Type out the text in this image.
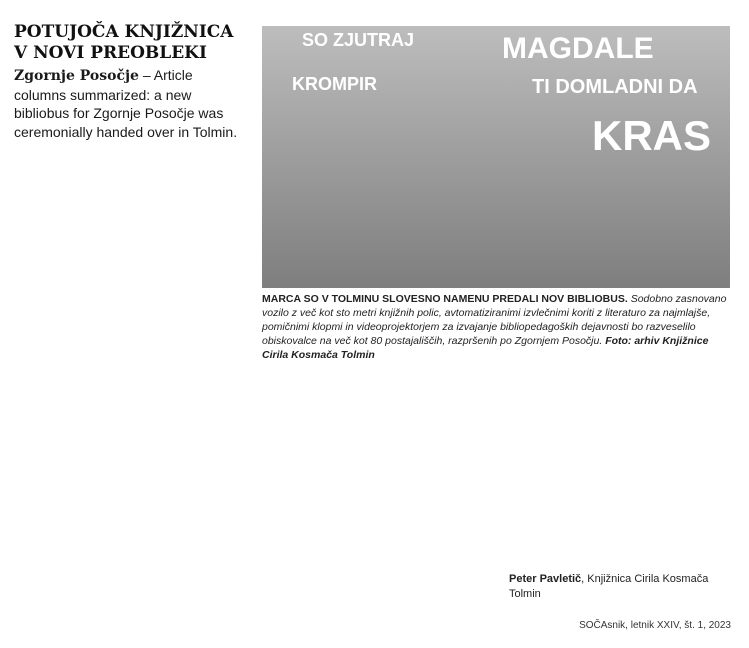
POTUJOČA KNJIŽNICA V NOVI PREOBLEKI

Zgornje Posočje – Article columns summarized: a new bibliobus for Zgornje Posočje was ceremonially handed over in Tolmin.

SO ZJUTRAJ	MAGDALE
KROMPIR	TI DOMLADNI DA
KRAS

MARCA SO V TOLMINU SLOVESNO NAMENU PREDALI NOV BIBLIOBUS. Sodobno zasnovano vozilo z več kot sto metri knjižnih polic, avtomatiziranimi izvlečnimi koriti z literaturo za najmlajše, pomičnimi klopmi in videoprojektorjem za izvajanje bibliopedagoških dejavnosti bo razveselilo obiskovalce na več kot 80 postajališčih, razpršenih po Zgornjem Posočju. Foto: arhiv Knjižnice Cirila Kosmača Tolmin

Peter Pavletič, Knjižnica Cirila Kosmača Tolmin
SOČAsnik, letnik XXIV, št. 1, 2023
